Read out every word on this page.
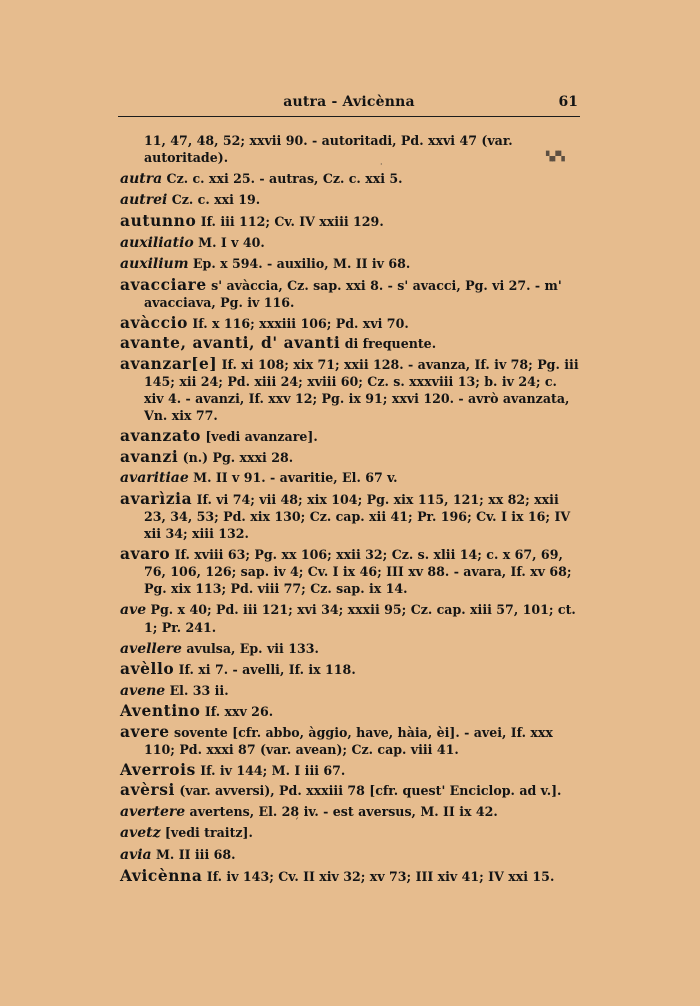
autra - Avicènna	61
▚▞▚
·
ˊ
11, 47, 48, 52; xxvii 90. - autoritadi, Pd. xxvi 47 (var. autoritade).
autra Cz. c. xxi 25. - autras, Cz. c. xxi 5.
autrei Cz. c. xxi 19.
autunno If. iii 112; Cv. IV xxiii 129.
auxiliatio M. I v 40.
auxilium Ep. x 594. - auxilio, M. II iv 68.
avacciare s' avàccia, Cz. sap. xxi 8. - s' avacci, Pg. vi 27. - m' avacciava, Pg. iv 116.
avàccio If. x 116; xxxiii 106; Pd. xvi 70.
avante, avanti, d' avanti di frequente.
avanzar[e] If. xi 108; xix 71; xxii 128. - avanza, If. iv 78; Pg. iii 145; xii 24; Pd. xiii 24; xviii 60; Cz. s. xxxviii 13; b. iv 24; c. xiv 4. - avanzi, If. xxv 12; Pg. ix 91; xxvi 120. - avrò avanzata, Vn. xix 77.
avanzato [vedi avanzare].
avanzi (n.) Pg. xxxi 28.
avaritiae M. II v 91. - avaritie, El. 67 v.
avarìzia If. vi 74; vii 48; xix 104; Pg. xix 115, 121; xx 82; xxii 23, 34, 53; Pd. xix 130; Cz. cap. xii 41; Pr. 196; Cv. I ix 16; IV xii 34; xiii 132.
avaro If. xviii 63; Pg. xx 106; xxii 32; Cz. s. xlii 14; c. x 67, 69, 76, 106, 126; sap. iv 4; Cv. I ix 46; III xv 88. - avara, If. xv 68; Pg. xix 113; Pd. viii 77; Cz. sap. ix 14.
ave Pg. x 40; Pd. iii 121; xvi 34; xxxii 95; Cz. cap. xiii 57, 101; ct. 1; Pr. 241.
avellere avulsa, Ep. vii 133.
avèllo If. xi 7. - avelli, If. ix 118.
avene El. 33 ii.
Aventino If. xxv 26.
avere sovente [cfr. abbo, àggio, have, hàia, èi]. - avei, If. xxx 110; Pd. xxxi 87 (var. avean); Cz. cap. viii 41.
Averrois If. iv 144; M. I iii 67.
avèrsi (var. avversi), Pd. xxxiii 78 [cfr. quest' Enciclop. ad v.].
avertere avertens, El. 28 iv. - est aversus, M. II ix 42.
avetz [vedi traitz].
avia M. II iii 68.
Avicènna If. iv 143; Cv. II xiv 32; xv 73; III xiv 41; IV xxi 15.
